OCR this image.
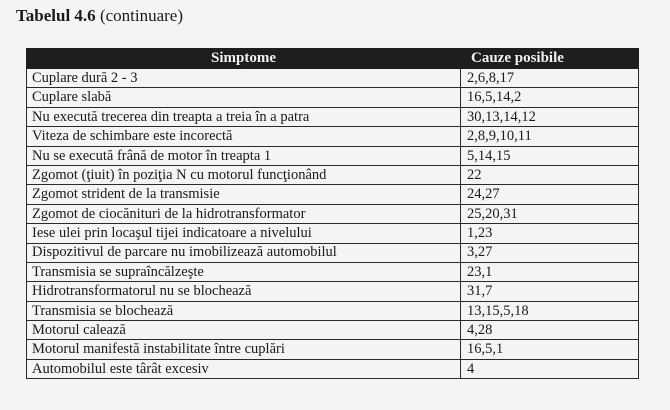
Tabelul 4.6 (continuare)
Simptome	Cauze posibile
Cuplare dură 2 - 3	2,6,8,17
Cuplare slabă	16,5,14,2
Nu execută trecerea din treapta a treia în a patra	30,13,14,12
Viteza de schimbare este incorectă	2,8,9,10,11
Nu se execută frână de motor în treapta 1	5,14,15
Zgomot (ţiuit) în poziţia N cu motorul funcţionând	22
Zgomot strident de la transmisie	24,27
Zgomot de ciocănituri de la hidrotransformator	25,20,31
Iese ulei prin locaşul tijei indicatoare a nivelului	1,23
Dispozitivul de parcare nu imobilizează automobilul	3,27
Transmisia se supraîncălzeşte	23,1
Hidrotransformatorul nu se blochează	31,7
Transmisia se blochează	13,15,5,18
Motorul calează	4,28
Motorul manifestă instabilitate între cuplări	16,5,1
Automobilul este târât excesiv	4
